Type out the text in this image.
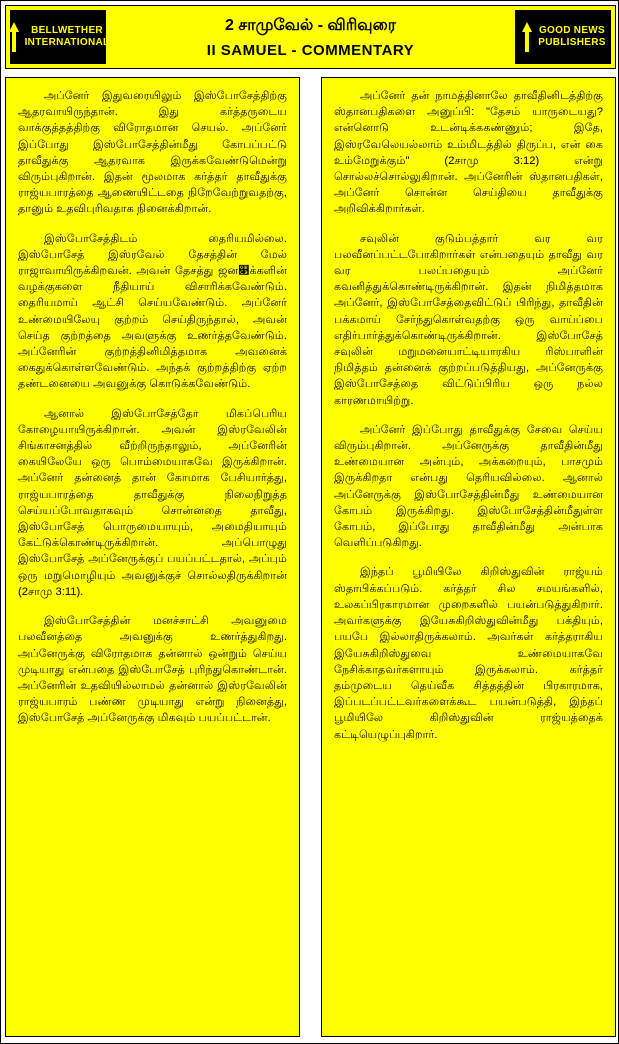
BELLWETHER
INTERNATIONAL
2 சாமுவேல் - விரிவுரை
II SAMUEL - COMMENTARY
GOOD NEWS
PUBLISHERS

அப்னேர் இதுவரையிலும் இஸ்போசேத்திற்கு ஆதரவாயிருந்தான். இது கர்த்தருடைய வாக்குத்தத்திற்கு விரோதமான செயல். அப்னேர் இப்போது இஸ்போசேத்தின்மீது கோபப்பட்டு தாவீதுக்கு ஆதரவாக இருக்கவேண்டுமென்று விரும்புகிறான். இதன் மூலமாக கர்த்தர் தாவீதுக்கு ராஜ்யபாரத்தை ஆணையிட்டதை நிறேவேற்றுவதற்கு, தானும் உதவிபுரிவதாக நினைக்கிறான்.

இஸ்போசேத்திடம் தைரியமில்லை. இஸ்போசேத் இஸ்ரவேல் தேசத்தின் மேல் ராஜாவாயிருக்கிறவன். அவன் தேசத்து ஜன௃க்களின் வழக்குகளை நீதியாய் விசாரிக்கவேண்டும். தைரியமாய் ஆட்சி செய்யவேண்டும். அப்னேர் உண்மையிலேயு குற்றம் செய்திருந்தால், அவன் செய்த குற்றத்தை அவளுக்கு உணர்த்தவேண்டும். அப்னேரின் குற்றத்தினிமித்தமாக அவனைக் கைதுக்கொள்ளவேண்டும். அந்தக் குற்றத்திற்கு ஏற்ற தண்டனையை அவனுக்கு கொடுக்கவேண்டும்.

ஆனால் இஸ்போசேத்தோ மிகப்பெரிய கோழையாயிருக்கிறான். அவன் இஸ்ரவேலின் சிங்காசனத்தில் வீற்றிருந்தாலும், அப்னேரின் கையிலேயே ஒரு பொம்மையாகவே இருக்கிறான். அப்னேர் தன்னைத் தான் கோமாக பேசியார்த்து, ராஜ்யபாரத்தை தாவீதுக்கு நிலைநிறுத்த செய்யப்போவதாகவும் சொன்னதை தாவீது, இஸ்போசேத் பொருமையாயும், அமைதியாயும் கேட்டுக்கொண்டிருக்கிறான். அப்பொழுது இஸ்போசேத் அப்னேருக்குப் பயப்பட்டதால், அப்பும் ஒரு மறுமொழியும் அவனுக்குச் சொல்லதிருக்கிறான் (2சாமு 3:11).

இஸ்போசேத்தின் மனச்சாட்சி அவனுமை பலவீனத்தை அவனுக்கு உணர்த்துகிறது. அப்னேருக்கு விரோதமாக தன்னால் ஒன்றும் செய்ய முடியாது என்பதை இஸ்போசேத் புரிந்துகொண்டான். அப்னேரின் உதவியில்லாமல் தன்னால் இஸ்ரவேலின் ராஜ்யபாரம் பண்ண முடியாது என்று நினைத்து, இஸ்போசேத் அப்னேருக்கு மிகவும் பயப்பட்டான்.

அப்னேர் தன் நாமத்தினாலே தாவீதினிடத்திற்கு ஸ்தானபதிகளை அனுப்பி: "தேசம் யாருடையது? என்னொடு உடன்டிக்ககண்ணும்; இதே, இஸ்ரவேலெயல்லாம் உம்மிடத்தில் திருப்ப, என் கை உம்மேறுக்கும்" (2சாமு 3:12) என்று சொல்லச்சொல்லுகிறான். அப்னேரின் ஸ்தானபதிகள், அப்னேர் சொன்ன செய்தியை தாவீதுக்கு அறிவிக்கிறார்கள்.

சவுலின் குடும்பத்தார் வர வர பலவீனப்பட்டபோகிறார்கள் என்பதையும் தாவீது வர வர பலப்பதையும் அப்னேர் கவனித்துக்கொண்டிருக்கிறான். இதன் நிமித்தமாக அப்னேர், இஸ்போசேத்தைவிட்டுப் பிரிந்து, தாவீதின் பக்கமாய் சேர்ந்துகொள்வதற்கு ஒரு வாய்ப்பை எதிர்பார்த்துக்கொண்டிருக்கிறான். இஸ்போசேத் சவுலின் மறுமனையாட்டியாரகிய ரிஸ்பாளின் நிமித்தம் தன்னைக் குற்றப்படுத்தியது, அப்னேருக்கு இஸ்போசேத்தை விட்டுப்பிரிய ஒரு நல்ல காரணமாயிற்று.

அப்னேர் இப்போது தாவீதுக்கு சேவை செய்ய விரும்புகிறான். அப்னேருக்கு தாவீதின்மீது உண்மையான அன்பும், அக்கறையும், பாசமும் இருக்கிறதா என்பது தெரியவில்லை. ஆனால் அப்னேருக்கு இஸ்போசேத்தின்மீது உண்மையான கோபம் இருக்கிறது. இஸ்போசேத்தின்மீதுள்ள கோபம், இப்போது தாவீதின்மீது அன்பாக வெளிப்படுகிறது.

இந்தப் பூமியிலே கிறிஸ்துவின் ராஜ்யம் ஸ்தாபிக்கப்படும். கர்த்தர் சில சமயங்களில், உலகப்பிரகாரமான முறைகளில் பயன்படுத்துகிறார். அவர்களுக்கு இயேசுகிறிஸ்துவின்மீது பக்தியும், பயபே இல்லாதிருக்கலாம். அவர்கள் கர்த்தராகிய இயேசுகிறிஸ்துவை உண்மையாகவே நேசிக்காதவர்களாயும் இருக்கலாம். கர்த்தர் தம்முடைய தெய்வீக சித்தத்தின் பிரகாரமாக, இப்படப்பட்டவர்களைக்கூட பயன்படுத்தி, இந்தப் பூமியிலே கிறிஸ்துவின் ராஜ்யத்தைக் கட்டியெழுப்புகிறார்.
